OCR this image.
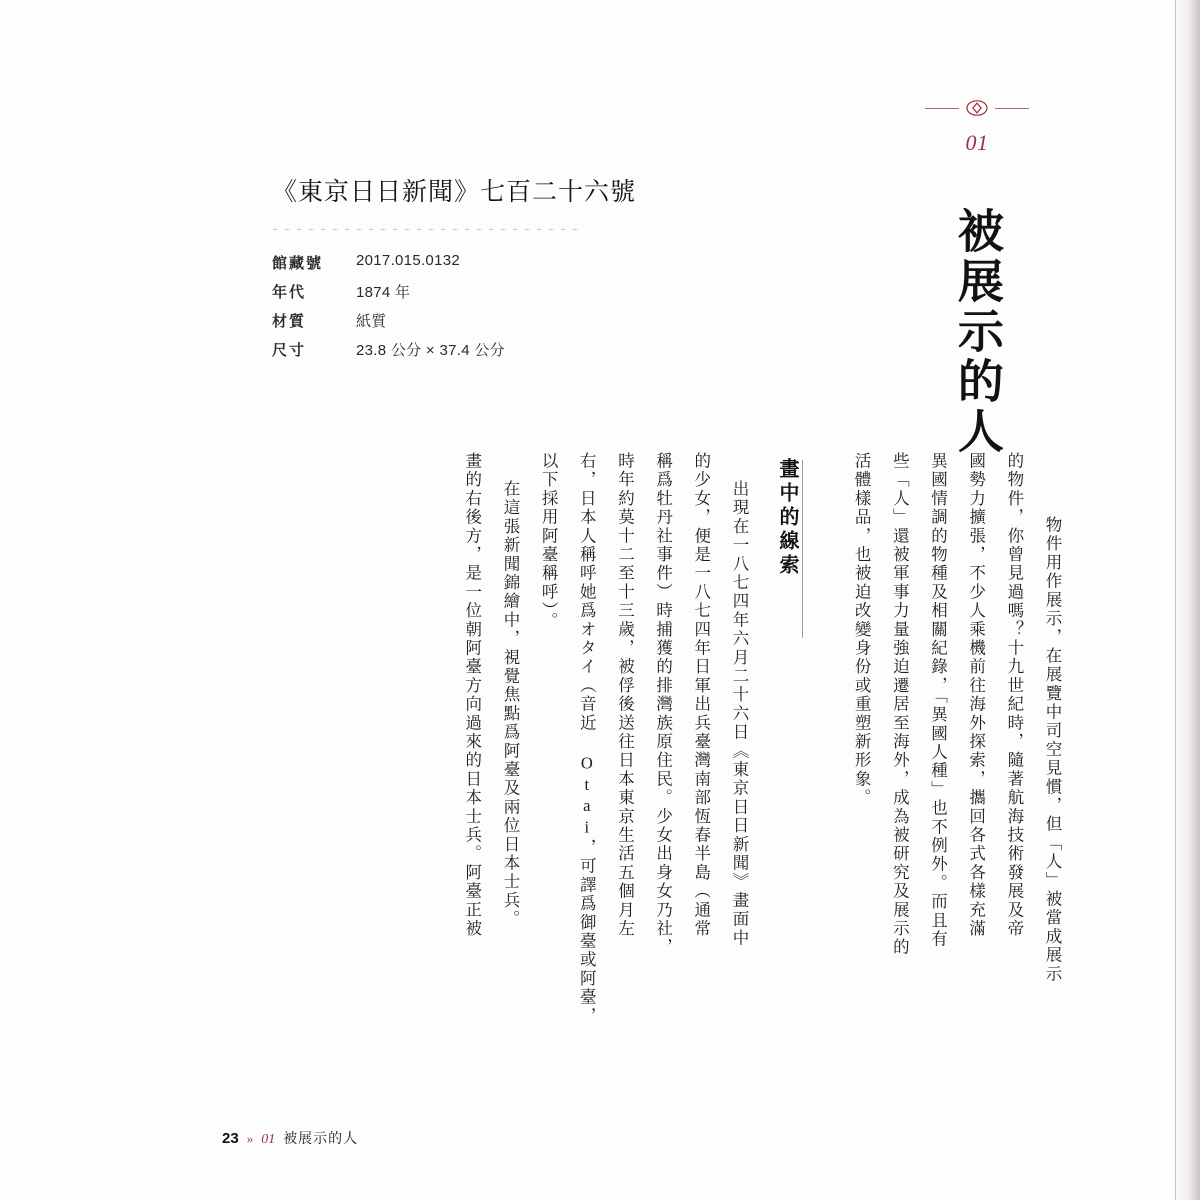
01
被展示的人
《東京日日新聞》七百二十六號
館藏號	2017.015.0132
年代	1874 年
材質	紙質
尺寸	23.8 公分 × 37.4 公分
物件用作展示，在展覽中司空見慣，但「人」被當成展示
的物件，你曾見過嗎？十九世紀時，隨著航海技術發展及帝
國勢力擴張，不少人乘機前往海外探索，攜回各式各樣充滿
異國情調的物種及相關紀錄，「異國人種」也不例外。而且有
些「人」還被軍事力量強迫遷居至海外，成為被研究及展示的
活體樣品，也被迫改變身份或重塑新形象。
畫中的線索
出現在一八七四年六月二十六日《東京日日新聞》畫面中
的少女，便是一八七四年日軍出兵臺灣南部恆春半島（通常
稱爲牡丹社事件）時捕獲的排灣族原住民。少女出身女乃社，
時年約莫十二至十三歲，被俘後送往日本東京生活五個月左
右，日本人稱呼她爲オタイ（音近 Otai，可譯爲御臺或阿臺，
以下採用阿臺稱呼）。
在這張新聞錦繪中，視覺焦點爲阿臺及兩位日本士兵。
畫的右後方，是一位朝阿臺方向過來的日本士兵。阿臺正被
23 » 01 被展示的人
